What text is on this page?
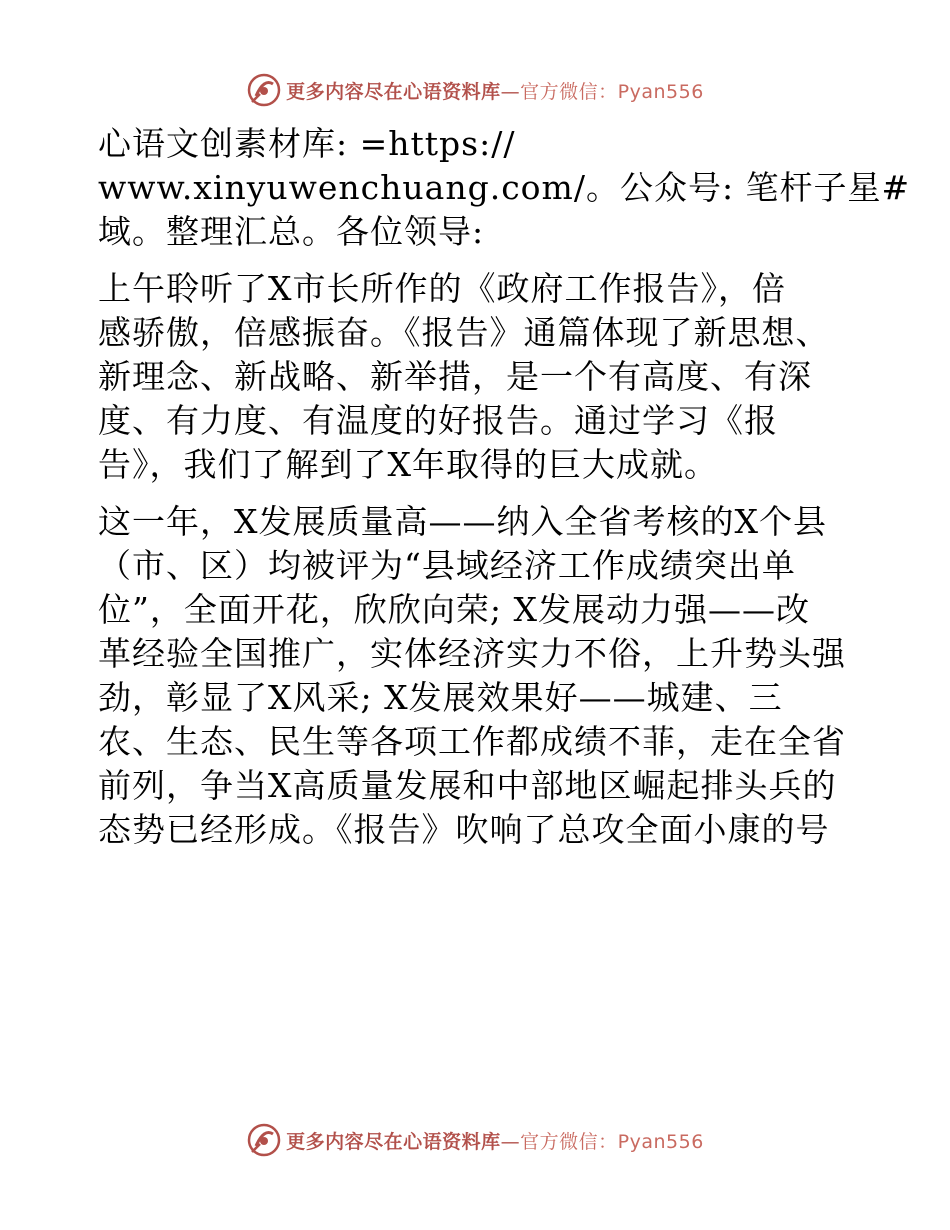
更多内容尽在心语资料库—官方微信：Pyan556
心语文创素材库: =https://
www.xinyuwenchuang.com/。公众号: 笔杆子星#
域。整理汇总。各位领导:
上午聆听了X市长所作的《政府工作报告》，倍
感骄傲，倍感振奋。《报告》通篇体现了新思想、
新理念、新战略、新举措，是一个有高度、有深
度、有力度、有温度的好报告。通过学习《报
告》，我们了解到了X年取得的巨大成就。
这一年，X发展质量高——纳入全省考核的X个县
（市、区）均被评为“县域经济工作成绩突出单
位”，全面开花，欣欣向荣; X发展动力强——改
革经验全国推广，实体经济实力不俗，上升势头强
劲，彰显了X风采; X发展效果好——城建、三
农、生态、民生等各项工作都成绩不菲，走在全省
前列，争当X高质量发展和中部地区崛起排头兵的
态势已经形成。《报告》吹响了总攻全面小康的号
更多内容尽在心语资料库—官方微信：Pyan556
